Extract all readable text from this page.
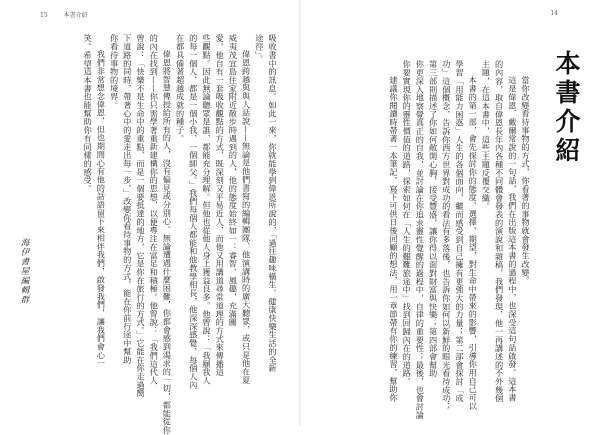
15	本書介紹

吸收書中的訊息。如此一來，你就能學到偉恩所說的，「過往趣味橫生、健康快樂生活的全新

途徑」。

偉恩跨越與與人話說——無論是他們書寫的編輯團隊、他演講時的廣大聽眾，或只是他在夏

威夷茂宜島住家附近散步時遇到的人，他的態度始終如一：睿智、風趣，充滿關

愛。他自有一套吸收觀點的方式，既深刻又平易近人，而他又用講道尋常道理的方式來傳播這

些觀點。因此無論聽眾是誰，都能充分理解。但他也從他人身上獲益良多。他曾說：「我願我人

的每一個人，都是一個小我，一個師父。」我們每個人都能和他教學相長，他深深感覺，每個人內

在都具備著超越成就的種子。

偉恩將智慧傳授給所有的人，沒有偏見或分別心。無論遭遇什麼困難，你都會感到渴求的一切，都能從你

的內在找到——你只需學著重新建構你的思想，以便專注在富足和積極。他曾說：「我們這代人

曾說：「快樂不是生命中的重點，而是一個要抵達的地方，它是你在旅行的方式。」它能在你走過嚮

下道路的同時，帶著心中的愛走出每一步，」改變你看待事物的方式，能在你前行途中幫助

你看待事物的境界。

我們非常想念偉恩，但也期間心有他的話語留下來相伴我們，啟發我們，讓我們會心一

笑。希望這本書也能幫助你有同樣的感受。

海伊書屋編輯群
14
本書介紹

當你改變看待事物的方式，你看著的事物就會發生改變。

這是偉恩．戴爾常說的一句話，我們在出版這本書的過程中，也深受這句話啟發。這本書

的內容，取自偉恩長年內各種不同體會發表的演說和雜稿，我們發現，他一再講述的不外幾個

主題，在這本書中，這些主題反覆交織。

本書的第一部，會先探討你的態度、選擇、期望，對生命中帶來的影響，引導你用自己可以

學習「用能力困惑」人生的各個面向，繼而感受到自己擁有更強大的力量；第二部會探討「成

功」這個概念，告訴你西方世界對成功的看法有多落後，也告訴你如何以新鮮的眼光看待成功；

第三部則描述了你如何敞開心胸，接受豐盛，讓你得以面對財富與快樂；第四部會幫助

你更深入地察覺真正的自我，並討論在你追求靈性覺醒的過程中，自律的重要性；最後，也會討論

你要實現你的靈性價值的道路，探索如何在「人生的艱難旅途中」找到回歸內在的道路。

建議你閱讀時帶著一本筆記，寫下可供日後回顧的想法，用一章節帶有你的練習，幫助你
